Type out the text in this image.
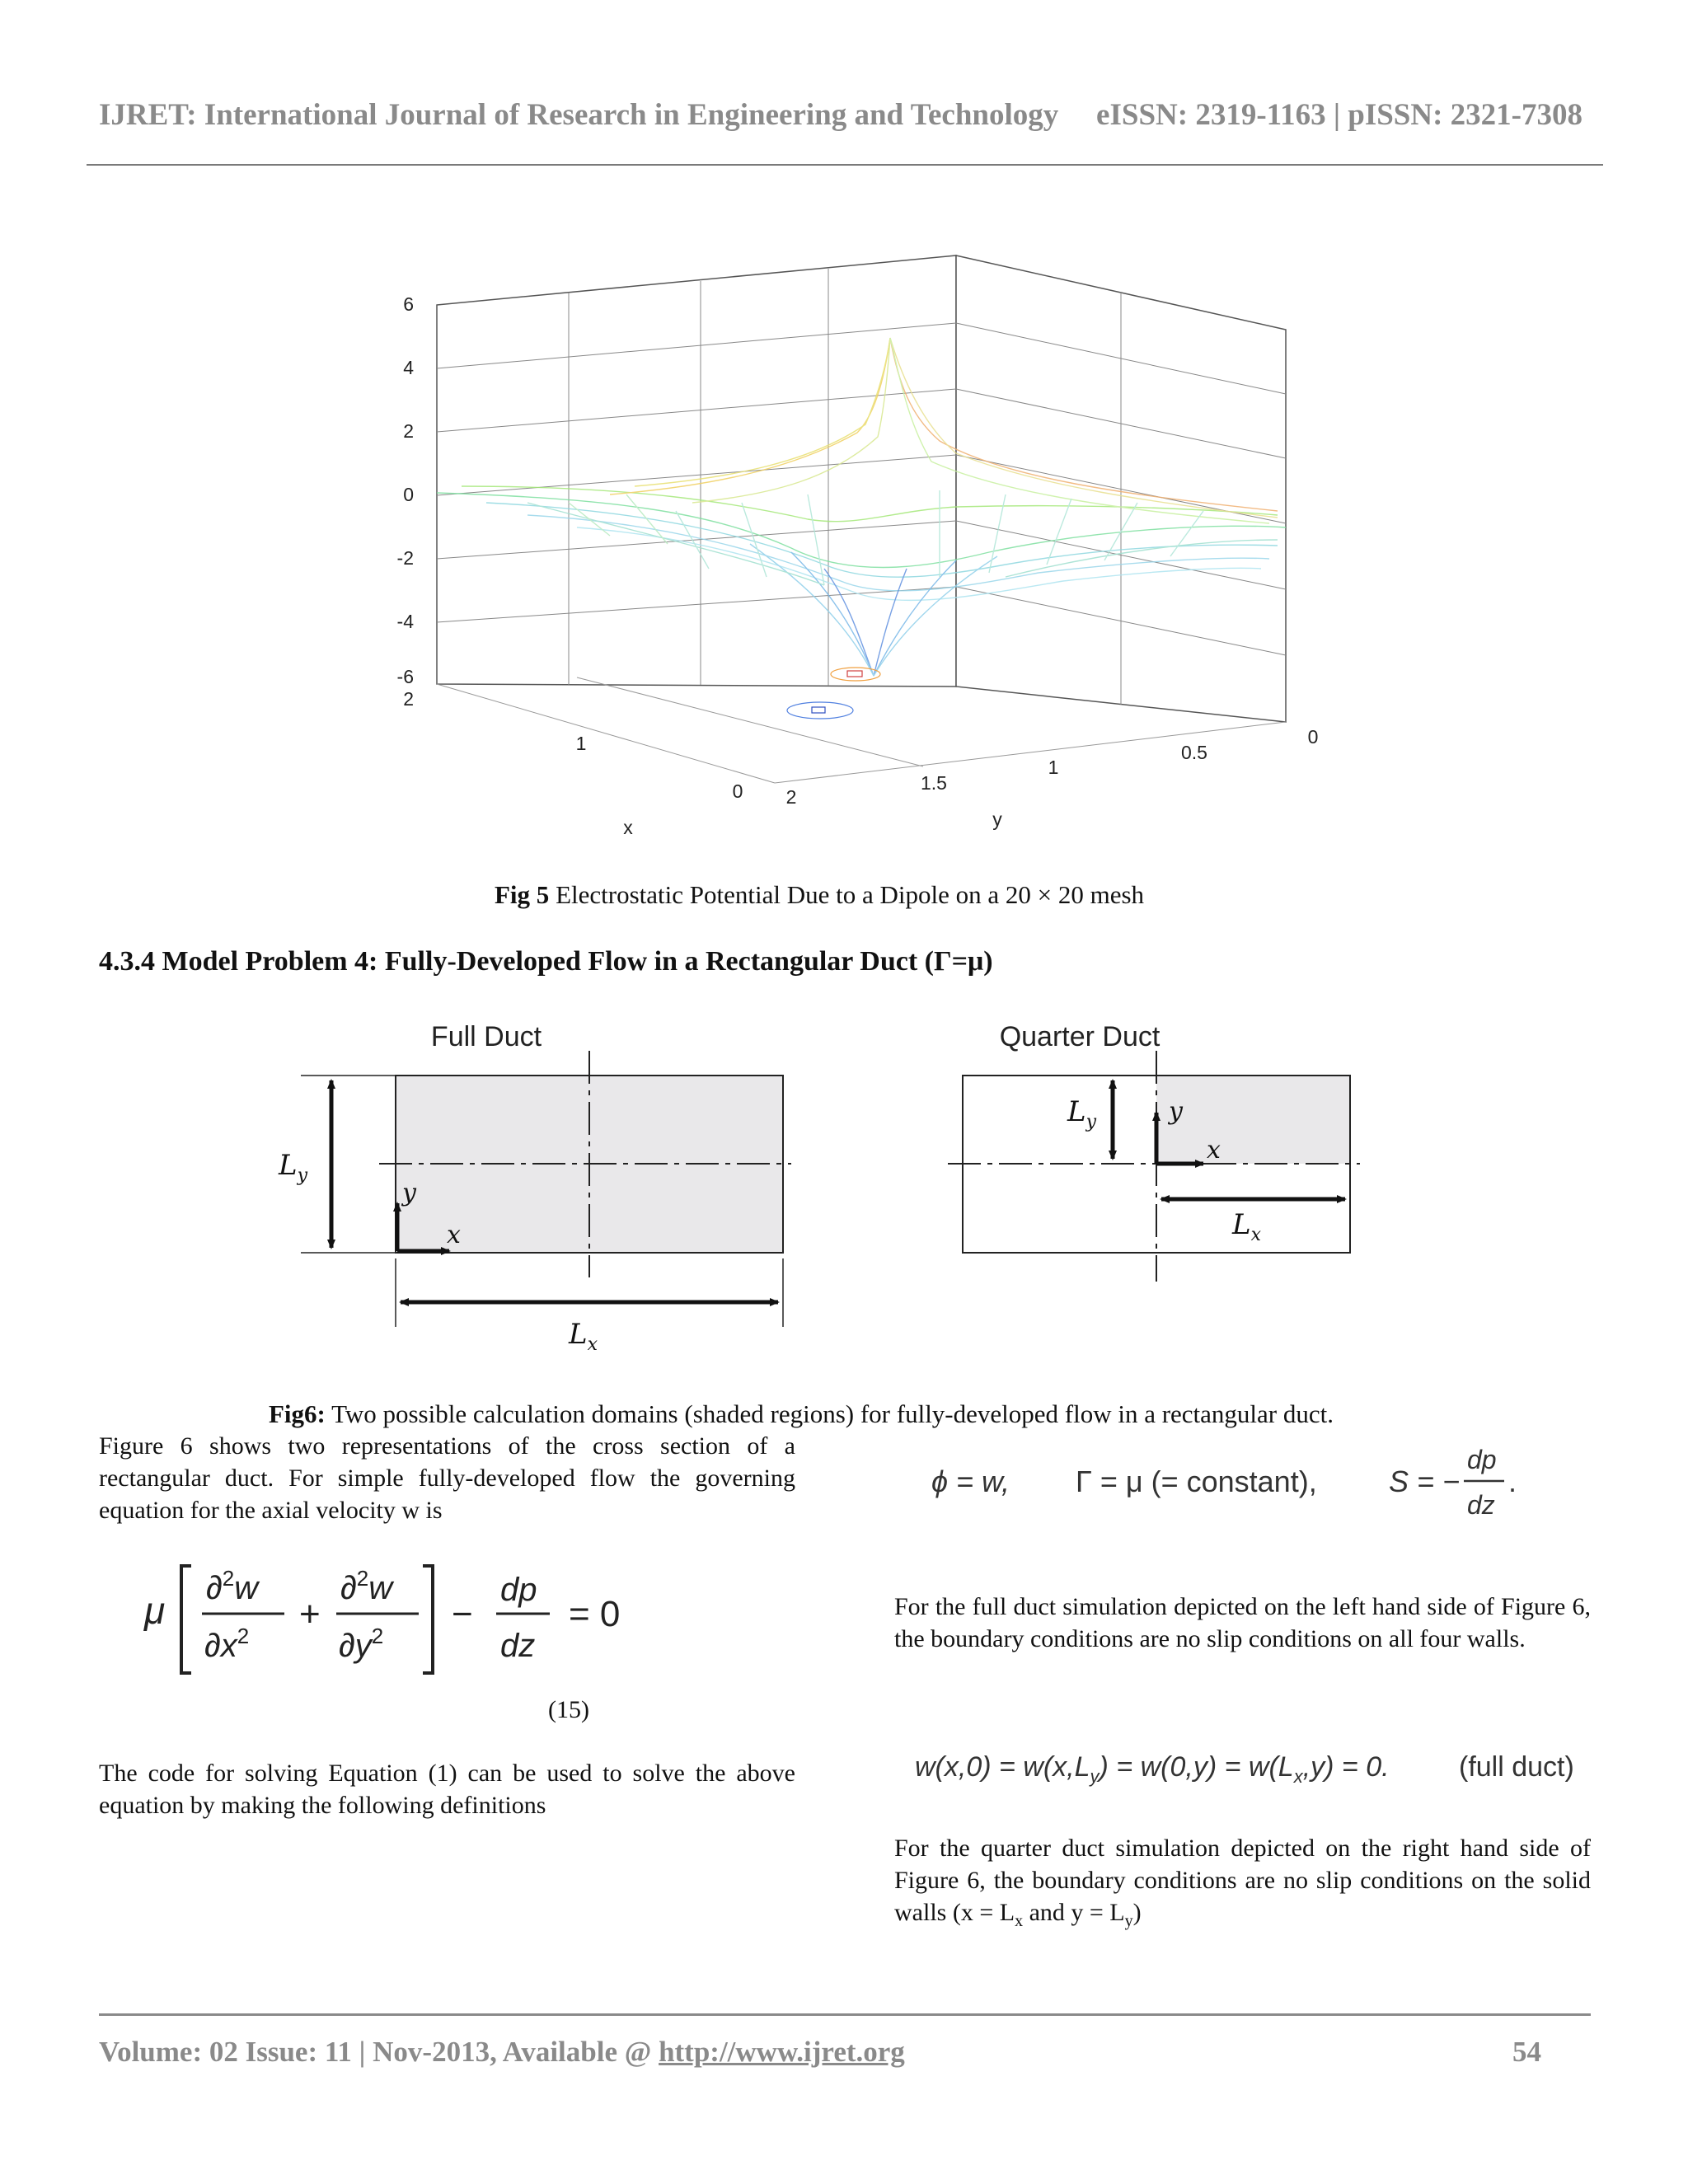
IJRET: International Journal of Research in Engineering and Technology eISSN: 2319-1163 | pISSN: 2321-7308
6
4
2
0
-2
-4
-6
2
1
0 2
1.5
1
0.5
0
x	y
Fig 5 Electrostatic Potential Due to a Dipole on a 20 × 20 mesh
4.3.4 Model Problem 4: Fully-Developed Flow in a Rectangular Duct (Γ=μ)
Full Duct	Quarter Duct
$L_y$
$L_x$
y
x
$L_y$	y
x
$L_x$
Fig6: Two possible calculation domains (shaded regions) for fully-developed flow in a rectangular duct.
Figure 6 shows two representations of the cross section of a rectangular duct. For simple fully-developed flow the governing equation for the axial velocity w is
μ
∂$^2$w
$\partial x^2$
+
∂$^2$w
$\partial y^2$
−
dp
dz
= 0
(15)
The code for solving Equation (1) can be used to solve the above equation by making the following definitions
ϕ = w, Γ = μ (= constant), S = −
dp
dz
.
For the full duct simulation depicted on the left hand side of Figure 6, the boundary conditions are no slip conditions on all four walls.
$w(x,0) = w(x,L_y) = w(0,y) = w(L_x,y) = 0$. (full duct)
For the quarter duct simulation depicted on the right hand side of Figure 6, the boundary conditions are no slip conditions on the solid walls ($x = L_x$ and $y = L_y$)
Volume: 02 Issue: 11 | Nov-2013, Available @ http://www.ijret.org	54
